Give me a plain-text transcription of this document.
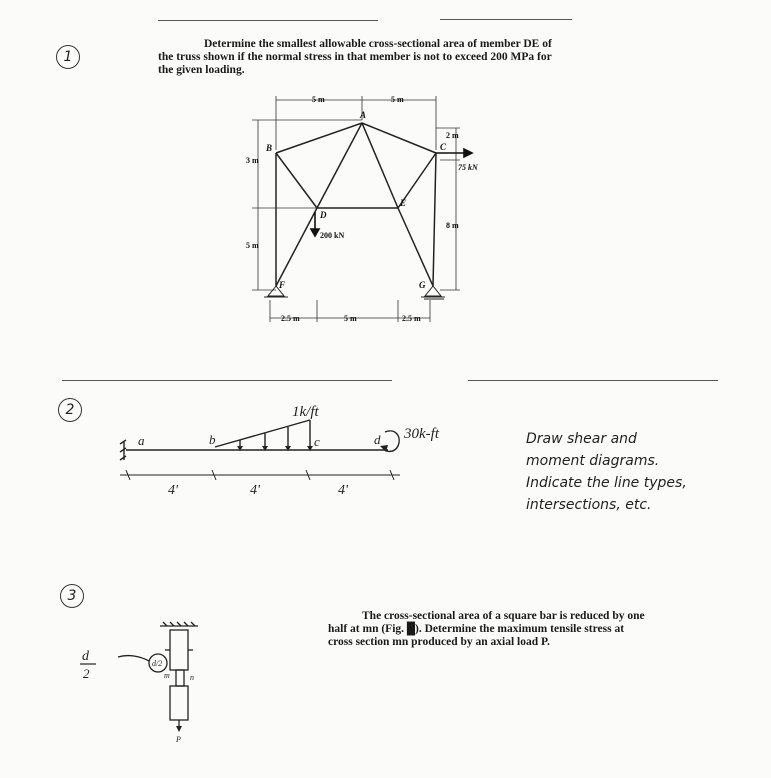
1
Determine the smallest allowable cross-sectional area of member DE of
the truss shown if the normal stress in that member is not to exceed 200 MPa for
the given loading.
A
B	C
D
E
F	G
5 m	5 m
3 m
5 m
2 m
8 m
2.5 m	5 m	2.5 m
200 kN
75 kN
2
a	b	c	d
1k/ft
30k-ft
4'	4'	4'
Draw shear and
moment diagrams.
Indicate the line types,
intersections, etc.
3
The cross-sectional area of a square bar is reduced by one
half at mn (Fig. █). Determine the maximum tensile stress at
cross section mn produced by an axial load P.
m	n
P
d/2
d
2
